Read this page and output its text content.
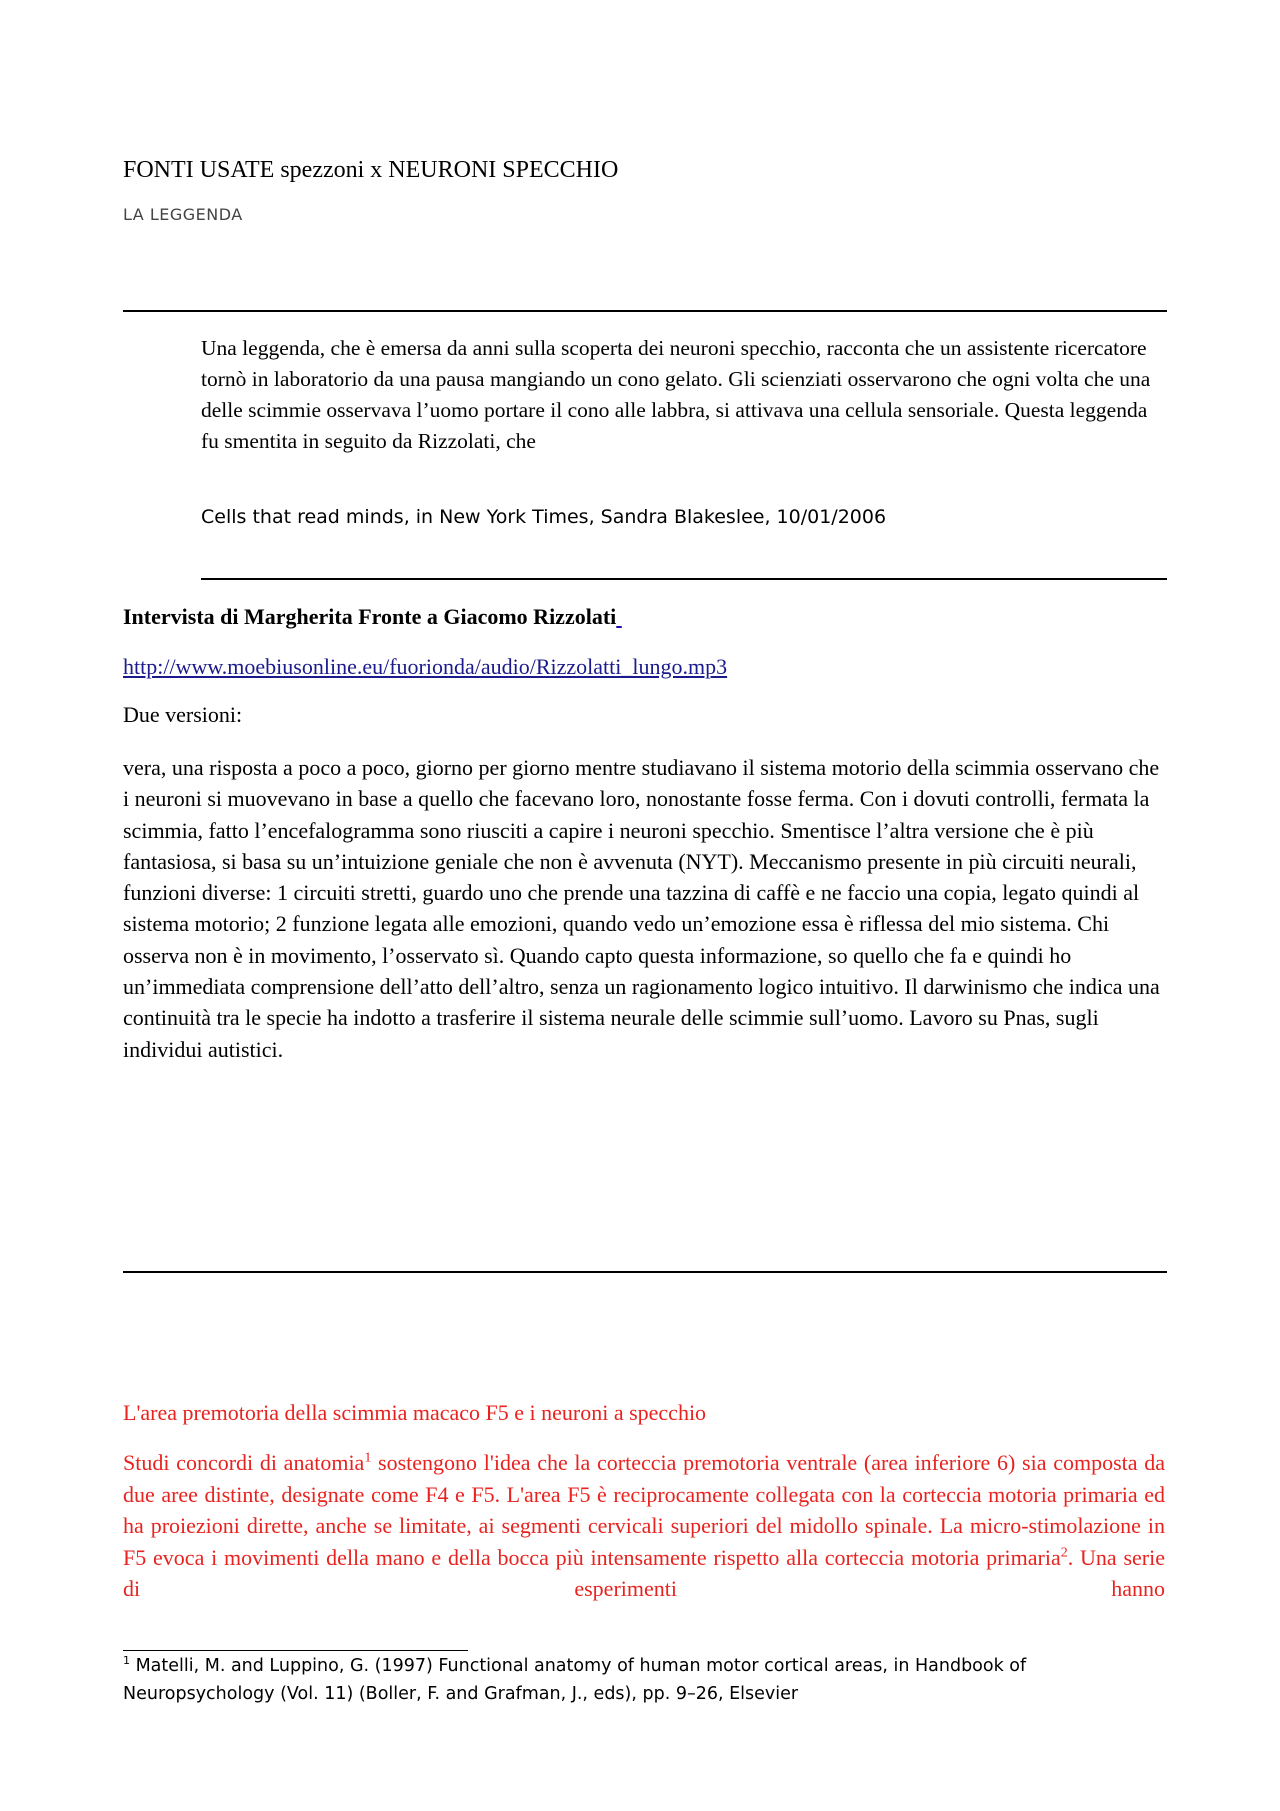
FONTI USATE spezzoni x NEURONI SPECCHIO
LA LEGGENDA
Una leggenda, che è emersa da anni sulla scoperta dei neuroni specchio, racconta che un assistente ricercatore tornò in laboratorio da una pausa mangiando un cono gelato. Gli scienziati osservarono che ogni volta che una delle scimmie osservava l’uomo portare il cono alle labbra, si attivava una cellula sensoriale. Questa leggenda fu smentita in seguito da Rizzolati, che
Cells that read minds, in New York Times, Sandra Blakeslee, 10/01/2006
Intervista di Margherita Fronte a Giacomo Rizzolati
http://www.moebiusonline.eu/fuorionda/audio/Rizzolatti_lungo.mp3
Due versioni:
vera, una risposta a poco a poco, giorno per giorno mentre studiavano il sistema motorio della scimmia osservano che i neuroni si muovevano in base a quello che facevano loro, nonostante fosse ferma. Con i dovuti controlli, fermata la scimmia, fatto l’encefalogramma sono riusciti a capire i neuroni specchio. Smentisce l’altra versione che è più fantasiosa, si basa su un’intuizione geniale che non è avvenuta (NYT). Meccanismo presente in più circuiti neurali, funzioni diverse: 1 circuiti stretti, guardo uno che prende una tazzina di caffè e ne faccio una copia, legato quindi al sistema motorio; 2 funzione legata alle emozioni, quando vedo un’emozione essa è riflessa del mio sistema. Chi osserva non è in movimento, l’osservato sì. Quando capto questa informazione, so quello che fa e quindi ho un’immediata comprensione dell’atto dell’altro, senza un ragionamento logico intuitivo. Il darwinismo che indica una continuità tra le specie ha indotto a trasferire il sistema neurale delle scimmie sull’uomo. Lavoro su Pnas, sugli individui autistici.
L'area premotoria della scimmia macaco F5 e i neuroni a specchio
Studi concordi di anatomia$^1$ sostengono l'idea che la corteccia premotoria ventrale (area inferiore 6) sia composta da due aree distinte, designate come F4 e F5. L'area F5 è reciprocamente collegata con la corteccia motoria primaria ed ha proiezioni dirette, anche se limitate, ai segmenti cervicali superiori del midollo spinale. La micro-stimolazione in F5 evoca i movimenti della mano e della bocca più intensamente rispetto alla corteccia motoria primaria$^2$. Una serie di esperimenti hanno
$^1$ Matelli, M. and Luppino, G. (1997) Functional anatomy of human motor cortical areas, in Handbook of Neuropsychology (Vol. 11) (Boller, F. and Grafman, J., eds), pp. 9–26, Elsevier
